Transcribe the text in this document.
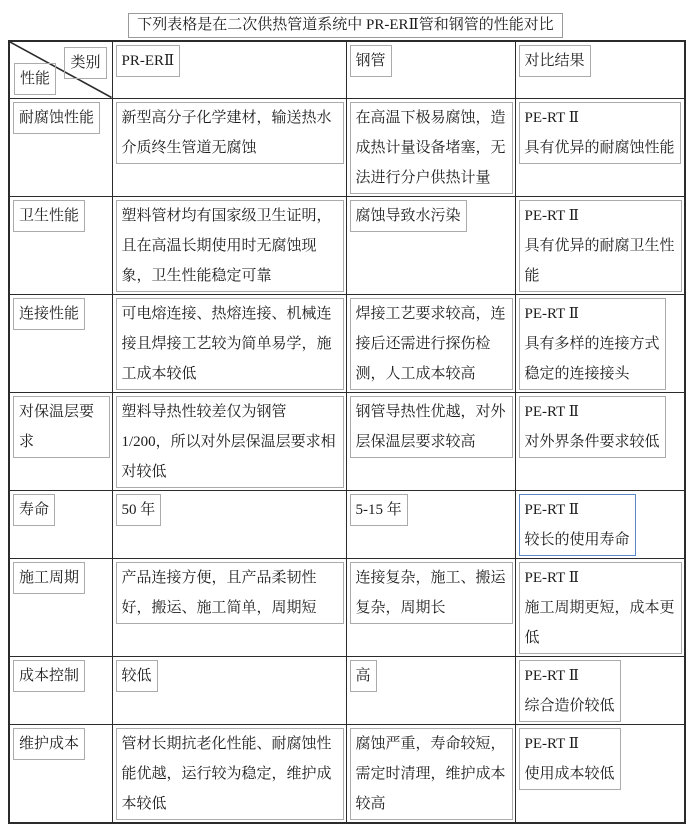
下列表格是在二次供热管道系统中 PR-ERⅡ管和钢管的性能对比
类别
性能	PR-ERⅡ	钢管	对比结果
耐腐蚀性能	新型高分子化学建材，输送热水介质终生管道无腐蚀	在高温下极易腐蚀，造成热计量设备堵塞，无法进行分户供热计量	PE-RT Ⅱ
具有优异的耐腐蚀性能

卫生性能	塑料管材均有国家级卫生证明，且在高温长期使用时无腐蚀现象，卫生性能稳定可靠	腐蚀导致水污染	PE-RT Ⅱ
具有优异的耐腐卫生性能

连接性能	可电熔连接、热熔连接、机械连接且焊接工艺较为简单易学，施工成本较低	焊接工艺要求较高，连接后还需进行探伤检测，人工成本较高	PE-RT Ⅱ
具有多样的连接方式
稳定的连接接头

对保温层要求	塑料导热性较差仅为钢管 1/200，所以对外层保温层要求相对较低	钢管导热性优越，对外层保温层要求较高	PE-RT Ⅱ
对外界条件要求较低

寿命	50 年	5-15 年	PE-RT Ⅱ
较长的使用寿命

施工周期	产品连接方便，且产品柔韧性好，搬运、施工简单，周期短	连接复杂，施工、搬运复杂，周期长	PE-RT Ⅱ
施工周期更短，成本更低

成本控制	较低	高	PE-RT Ⅱ
综合造价较低

维护成本	管材长期抗老化性能、耐腐蚀性能优越，运行较为稳定，维护成本较低	腐蚀严重，寿命较短，需定时清理，维护成本较高	PE-RT Ⅱ
使用成本较低
